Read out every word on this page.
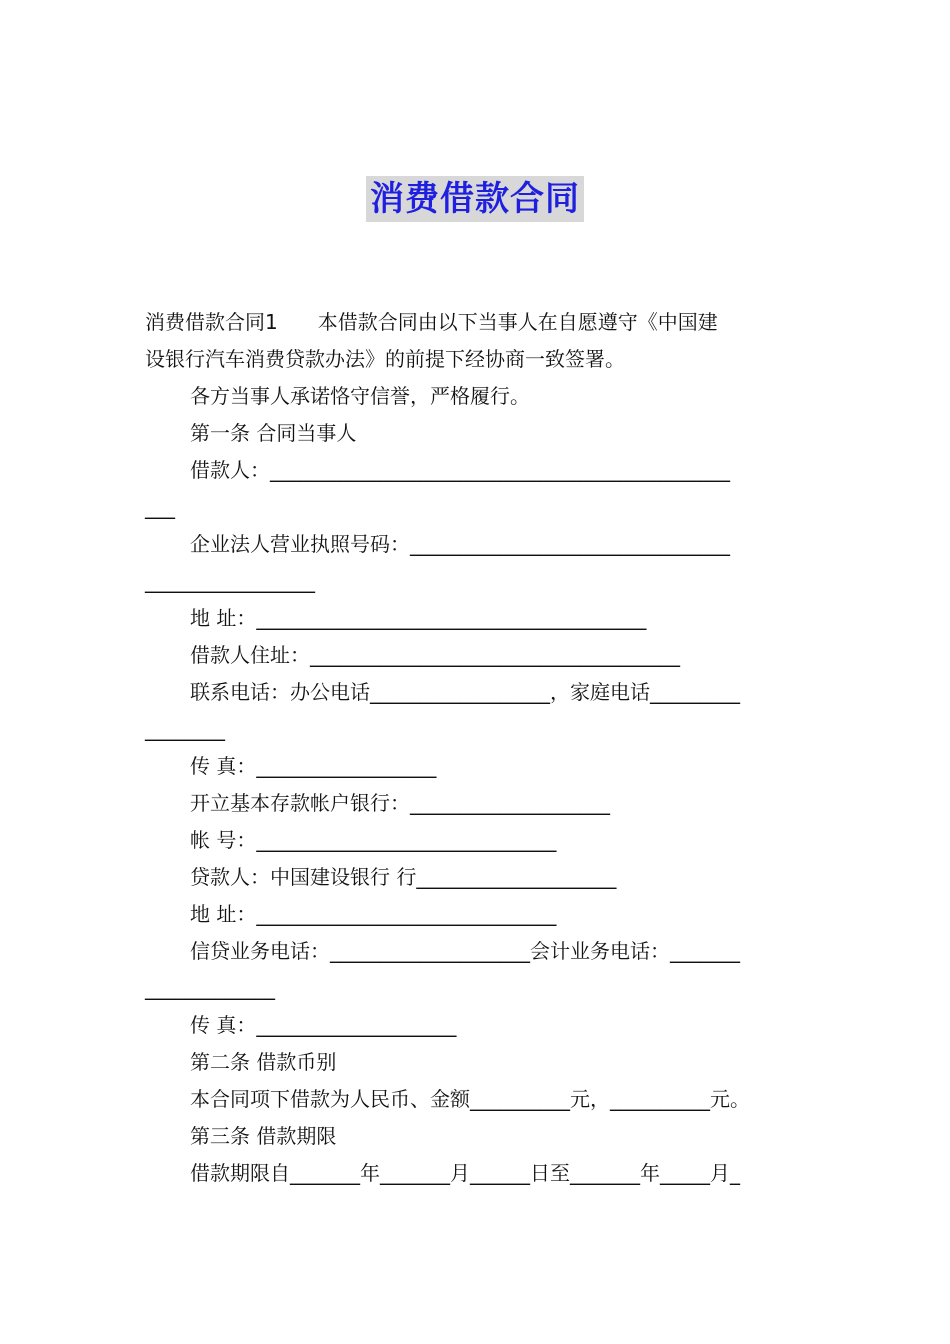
消费借款合同
消费借款合同1　　本借款合同由以下当事人在自愿遵守《中国建
设银行汽车消费贷款办法》的前提下经协商一致签署。
各方当事人承诺恪守信誉，严格履行。
第一条 合同当事人
借款人：______________________________________________
___
企业法人营业执照号码：________________________________
_________________
地 址：_______________________________________
借款人住址：_____________________________________
联系电话：办公电话__________________，家庭电话_________
________
传 真：__________________
开立基本存款帐户银行：____________________
帐 号：______________________________
贷款人：中国建设银行 行____________________
地 址：______________________________
信贷业务电话：____________________会计业务电话：_______
_____________
传 真：____________________
第二条 借款币别
本合同项下借款为人民币、金额__________元，__________元。
第三条 借款期限
借款期限自_______年_______月______日至_______年_____月_
